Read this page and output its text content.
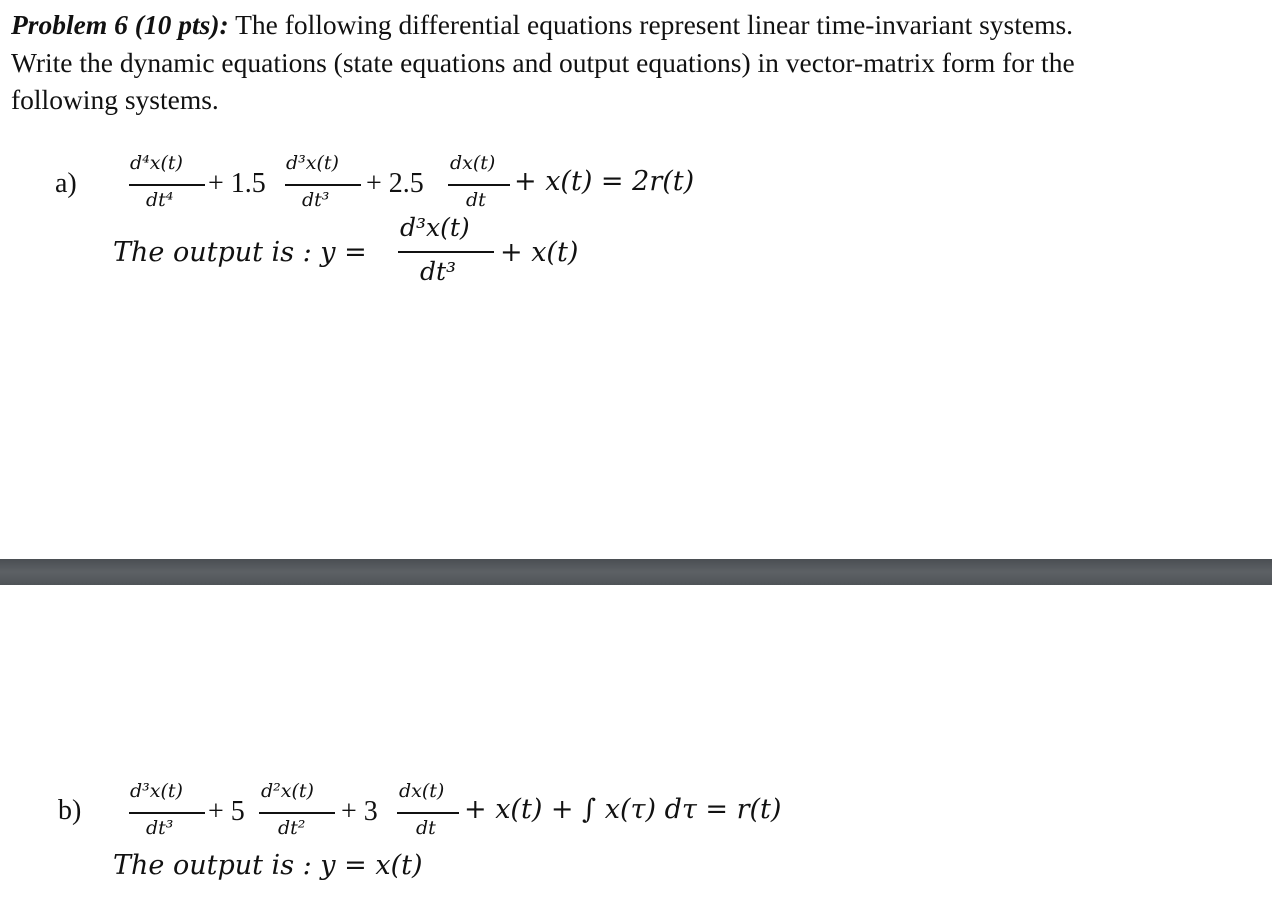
Problem 6 (10 pts): The following differential equations represent linear time-invariant systems.
Write the dynamic equations (state equations and output equations) in vector-matrix form for the
following systems.
a)
d⁴x(t)
dt⁴
+ 1.5
d³x(t)
dt³
+ 2.5
dx(t)
dt
+ x(t) = 2r(t)
The output is : y =
d³x(t)
dt³
+ x(t)
b)
d³x(t)
dt³
+ 5
d²x(t)
dt²
+ 3
dx(t)
dt
+ x(t) + ∫ x(τ) dτ = r(t)
The output is : y = x(t)
